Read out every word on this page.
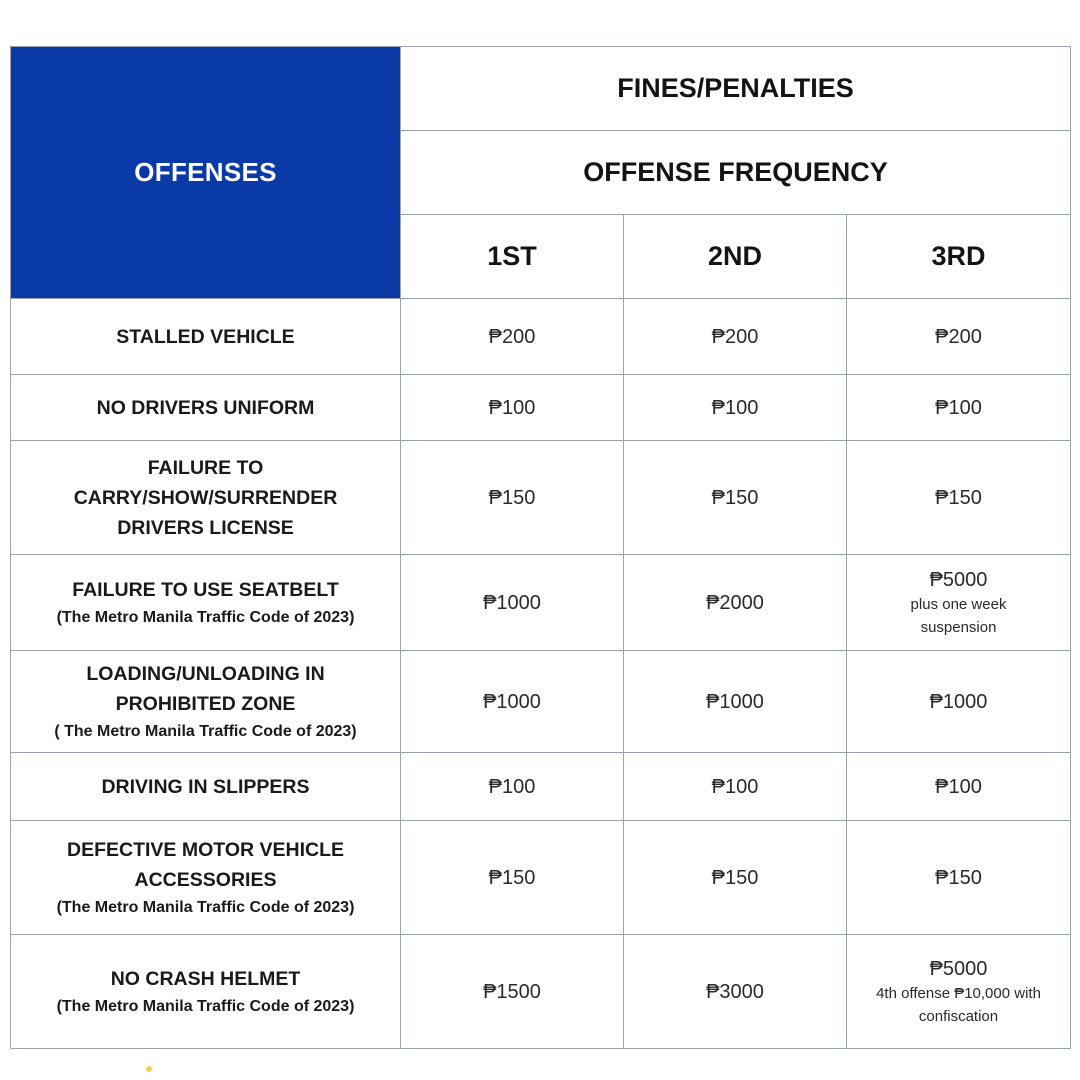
OFFENSES	FINES/PENALTIES		
	OFFENSE FREQUENCY		
	1ST	2ND	3RD

STALLED VEHICLE	₱200	₱200	₱200

NO DRIVERS UNIFORM	₱100	₱100	₱100

FAILURE TO
CARRY/SHOW/SURRENDER
DRIVERS LICENSE	₱150	₱150	₱150

FAILURE TO USE SEATBELT
(The Metro Manila Traffic Code of 2023)	₱1000	₱2000	₱5000
plus one week suspension

LOADING/UNLOADING IN
PROHIBITED ZONE
( The Metro Manila Traffic Code of 2023)	₱1000	₱1000	₱1000

DRIVING IN SLIPPERS	₱100	₱100	₱100

DEFECTIVE MOTOR VEHICLE
ACCESSORIES
(The Metro Manila Traffic Code of 2023)	₱150	₱150	₱150

NO CRASH HELMET
(The Metro Manila Traffic Code of 2023)	₱1500	₱3000	₱5000
4th offense ₱10,000 with confiscation
